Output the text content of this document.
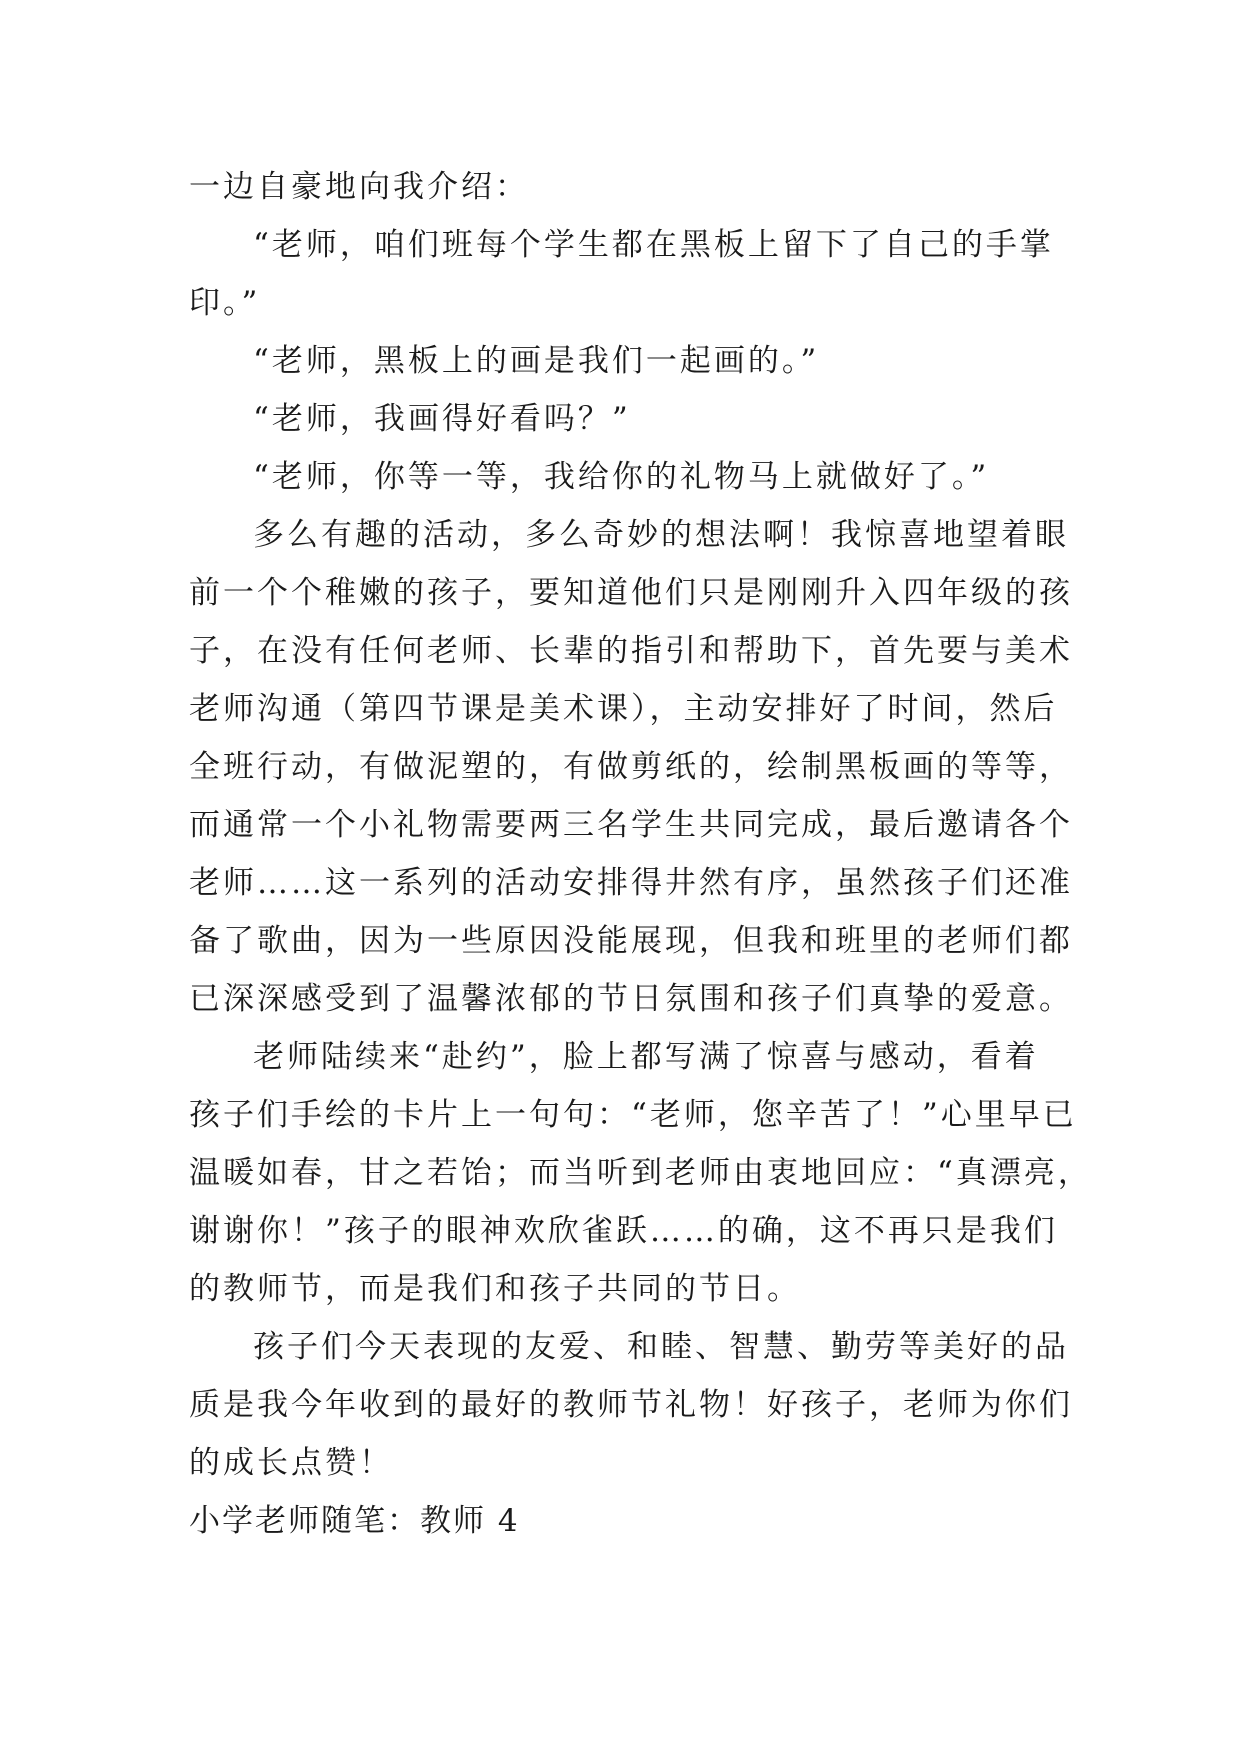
一边自豪地向我介绍：
“老师，咱们班每个学生都在黑板上留下了自己的手掌
印。”
“老师，黑板上的画是我们一起画的。”
“老师，我画得好看吗？”
“老师，你等一等，我给你的礼物马上就做好了。”
多么有趣的活动，多么奇妙的想法啊！我惊喜地望着眼
前一个个稚嫩的孩子，要知道他们只是刚刚升入四年级的孩
子，在没有任何老师、长辈的指引和帮助下，首先要与美术
老师沟通（第四节课是美术课），主动安排好了时间，然后
全班行动，有做泥塑的，有做剪纸的，绘制黑板画的等等，
而通常一个小礼物需要两三名学生共同完成，最后邀请各个
老师……这一系列的活动安排得井然有序，虽然孩子们还准
备了歌曲，因为一些原因没能展现，但我和班里的老师们都
已深深感受到了温馨浓郁的节日氛围和孩子们真挚的爱意。
老师陆续来“赴约”，脸上都写满了惊喜与感动，看着
孩子们手绘的卡片上一句句：“老师，您辛苦了！”心里早已
温暖如春，甘之若饴；而当听到老师由衷地回应：“真漂亮，
谢谢你！”孩子的眼神欢欣雀跃……的确，这不再只是我们
的教师节，而是我们和孩子共同的节日。
孩子们今天表现的友爱、和睦、智慧、勤劳等美好的品
质是我今年收到的最好的教师节礼物！好孩子，老师为你们
的成长点赞！
小学老师随笔：教师 4
